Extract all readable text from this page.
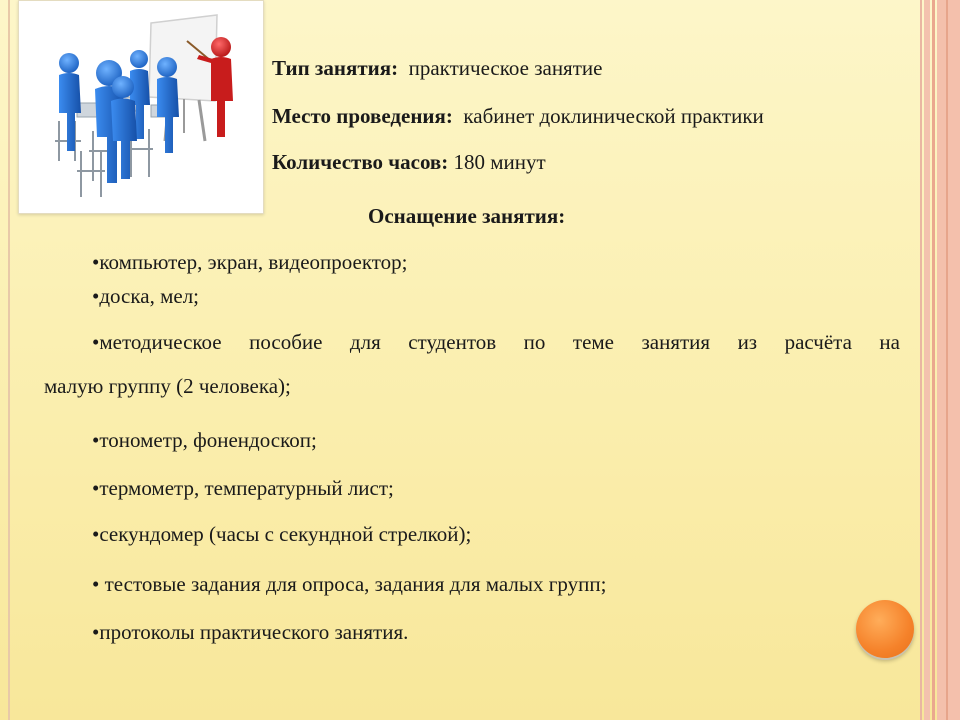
Тип занятия: практическое занятие
Место проведения: кабинет доклинической практики
Количество часов: 180 минут
Оснащение занятия:
•компьютер, экран, видеопроектор;
•доска, мел;
•методическое пособие для студентов по теме занятия из расчёта на
малую группу (2 человека);
•тонометр, фонендоскоп;
•термометр, температурный лист;
•секундомер (часы с секундной стрелкой);
• тестовые задания для опроса, задания для малых групп;
•протоколы практического занятия.
